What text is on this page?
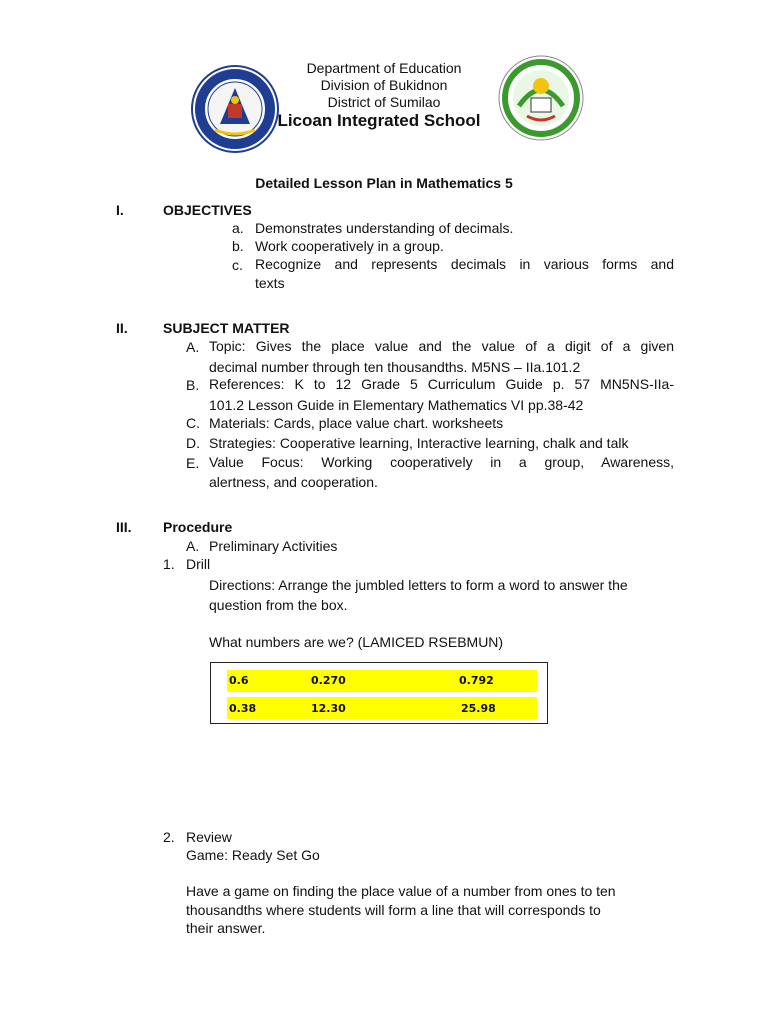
Department of Education
Division of Bukidnon
District of Sumilao
Licoan Integrated School
Detailed Lesson Plan in Mathematics 5
I.	OBJECTIVES
a. Demonstrates understanding of decimals.
b. Work cooperatively in a group.
c. Recognize and represents decimals in various forms and
texts
II.	SUBJECT MATTER
A. Topic: Gives the place value and the value of a digit of a given
decimal number through ten thousandths. M5NS – IIa.101.2
B. References: K to 12 Grade 5 Curriculum Guide p. 57 MN5NS-IIa-
101.2 Lesson Guide in Elementary Mathematics VI pp.38-42
C. Materials: Cards, place value chart. worksheets
D. Strategies: Cooperative learning, Interactive learning, chalk and talk
E. Value Focus: Working cooperatively in a group, Awareness,
alertness, and cooperation.
III. Procedure
A. Preliminary Activities
1. Drill
Directions: Arrange the jumbled letters to form a word to answer the
question from the box.
What numbers are we? (LAMICED RSEBMUN)
0.6	0.270	0.792
0.38	12.30	25.98
2. Review
Game: Ready Set Go
Have a game on finding the place value of a number from ones to ten
thousandths where students will form a line that will corresponds to
their answer.
